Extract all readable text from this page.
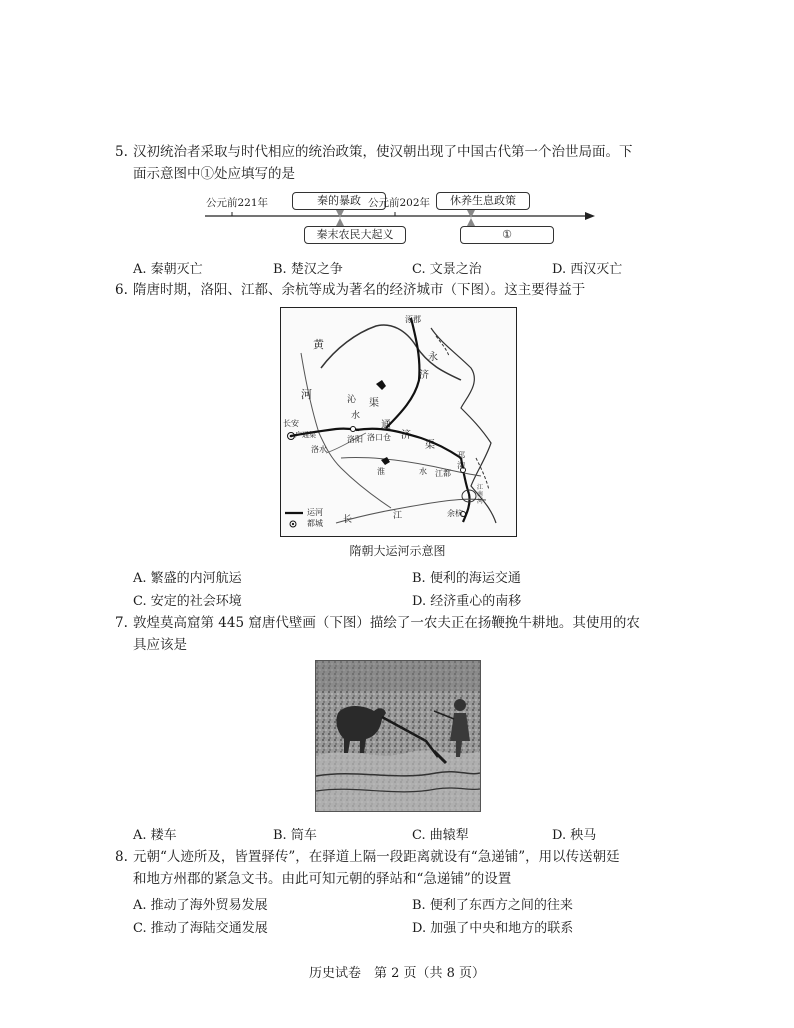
5. 汉初统治者采取与时代相应的统治政策，使汉朝出现了中国古代第一个治世局面。下
面示意图中①处应填写的是
公元前221年	秦的暴政 公元前202年	休养生息政策
秦末农民大起义	①
A. 秦朝灭亡	B. 楚汉之争	C. 文景之治	D. 西汉灭亡
6. 隋唐时期，洛阳、江都、余杭等成为著名的经济城市（下图）。这主要得益于
涿郡
黄
河
永
济
沁 渠
水
长安
洛阳 洛口仓
通
济
渠
洛水
广通渠
淮	水 江都
邗
沟
长	江	余杭
江南河
运河
都城
隋朝大运河示意图
A. 繁盛的内河航运	B. 便利的海运交通
C. 安定的社会环境	D. 经济重心的南移
7. 敦煌莫高窟第 445 窟唐代壁画（下图）描绘了一农夫正在扬鞭挽牛耕地。其使用的农
具应该是
A. 耧车	B. 筒车	C. 曲辕犁	D. 秧马
8. 元朝“人迹所及，皆置驿传”，在驿道上隔一段距离就设有“急递铺”，用以传送朝廷
和地方州郡的紧急文书。由此可知元朝的驿站和“急递铺”的设置
A. 推动了海外贸易发展	B. 便利了东西方之间的往来
C. 推动了海陆交通发展	D. 加强了中央和地方的联系
历史试卷　第 2 页（共 8 页）
